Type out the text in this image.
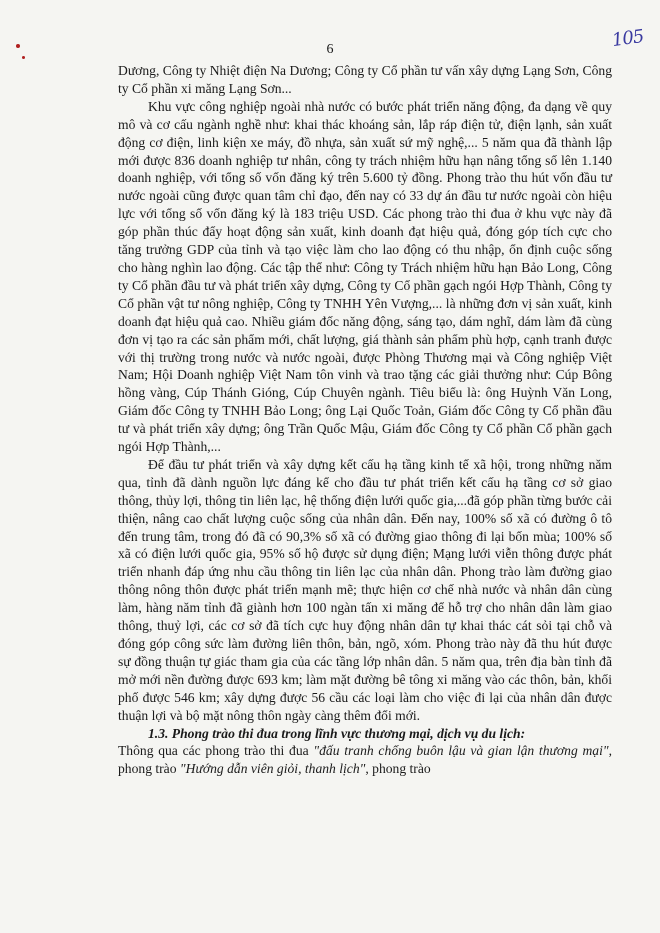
6	105

Dương, Công ty Nhiệt điện Na Dương; Công ty Cổ phần tư vấn xây dựng Lạng Sơn, Công ty Cổ phần xi măng Lạng Sơn...

Khu vực công nghiệp ngoài nhà nước có bước phát triển năng động, đa dạng về quy mô và cơ cấu ngành nghề như: khai thác khoáng sản, lắp ráp điện tử, điện lạnh, sản xuất động cơ điện, linh kiện xe máy, đồ nhựa, sản xuất sứ mỹ nghệ,... 5 năm qua đã thành lập mới được 836 doanh nghiệp tư nhân, công ty trách nhiệm hữu hạn nâng tổng số lên 1.140 doanh nghiệp, với tổng số vốn đăng ký trên 5.600 tỷ đồng. Phong trào thu hút vốn đầu tư nước ngoài cũng được quan tâm chỉ đạo, đến nay có 33 dự án đầu tư nước ngoài còn hiệu lực với tổng số vốn đăng ký là 183 triệu USD. Các phong trào thi đua ở khu vực này đã góp phần thúc đẩy hoạt động sản xuất, kinh doanh đạt hiệu quả, đóng góp tích cực cho tăng trưởng GDP của tỉnh và tạo việc làm cho lao động có thu nhập, ổn định cuộc sống cho hàng nghìn lao động. Các tập thể như: Công ty Trách nhiệm hữu hạn Bảo Long, Công ty Cổ phần đầu tư và phát triển xây dựng, Công ty Cổ phần gạch ngói Hợp Thành, Công ty Cổ phần vật tư nông nghiệp, Công ty TNHH Yên Vượng,... là những đơn vị sản xuất, kinh doanh đạt hiệu quả cao. Nhiều giám đốc năng động, sáng tạo, dám nghĩ, dám làm đã cùng đơn vị tạo ra các sản phẩm mới, chất lượng, giá thành sản phẩm phù hợp, cạnh tranh được với thị trường trong nước và nước ngoài, được Phòng Thương mại và Công nghiệp Việt Nam; Hội Doanh nghiệp Việt Nam tôn vinh và trao tặng các giải thưởng như: Cúp Bông hồng vàng, Cúp Thánh Gióng, Cúp Chuyên ngành. Tiêu biểu là: ông Huỳnh Văn Long, Giám đốc Công ty TNHH Bảo Long; ông Lại Quốc Toản, Giám đốc Công ty Cổ phần đầu tư và phát triển xây dựng; ông Trần Quốc Mậu, Giám đốc Công ty Cổ phần Cổ phần gạch ngói Hợp Thành,...

Để đầu tư phát triển và xây dựng kết cấu hạ tầng kinh tế xã hội, trong những năm qua, tỉnh đã dành nguồn lực đáng kể cho đầu tư phát triển kết cấu hạ tầng cơ sở giao thông, thủy lợi, thông tin liên lạc, hệ thống điện lưới quốc gia,...đã góp phần từng bước cải thiện, nâng cao chất lượng cuộc sống của nhân dân. Đến nay, 100% số xã có đường ô tô đến trung tâm, trong đó đã có 90,3% số xã có đường giao thông đi lại bốn mùa; 100% số xã có điện lưới quốc gia, 95% số hộ được sử dụng điện; Mạng lưới viễn thông được phát triển nhanh đáp ứng nhu cầu thông tin liên lạc của nhân dân. Phong trào làm đường giao thông nông thôn được phát triển mạnh mẽ; thực hiện cơ chế nhà nước và nhân dân cùng làm, hàng năm tỉnh đã giành hơn 100 ngàn tấn xi măng để hỗ trợ cho nhân dân làm giao thông, thuỷ lợi, các cơ sở đã tích cực huy động nhân dân tự khai thác cát sỏi tại chỗ và đóng góp công sức làm đường liên thôn, bản, ngõ, xóm. Phong trào này đã thu hút được sự đồng thuận tự giác tham gia của các tầng lớp nhân dân. 5 năm qua, trên địa bàn tỉnh đã mở mới nền đường được 693 km; làm mặt đường bê tông xi măng vào các thôn, bản, khối phố được 546 km; xây dựng được 56 cầu các loại làm cho việc đi lại của nhân dân được thuận lợi và bộ mặt nông thôn ngày càng thêm đổi mới.

1.3. Phong trào thi đua trong lĩnh vực thương mại, dịch vụ du lịch:

Thông qua các phong trào thi đua "đấu tranh chống buôn lậu và gian lận thương mại", phong trào "Hướng dẫn viên giỏi, thanh lịch", phong trào
